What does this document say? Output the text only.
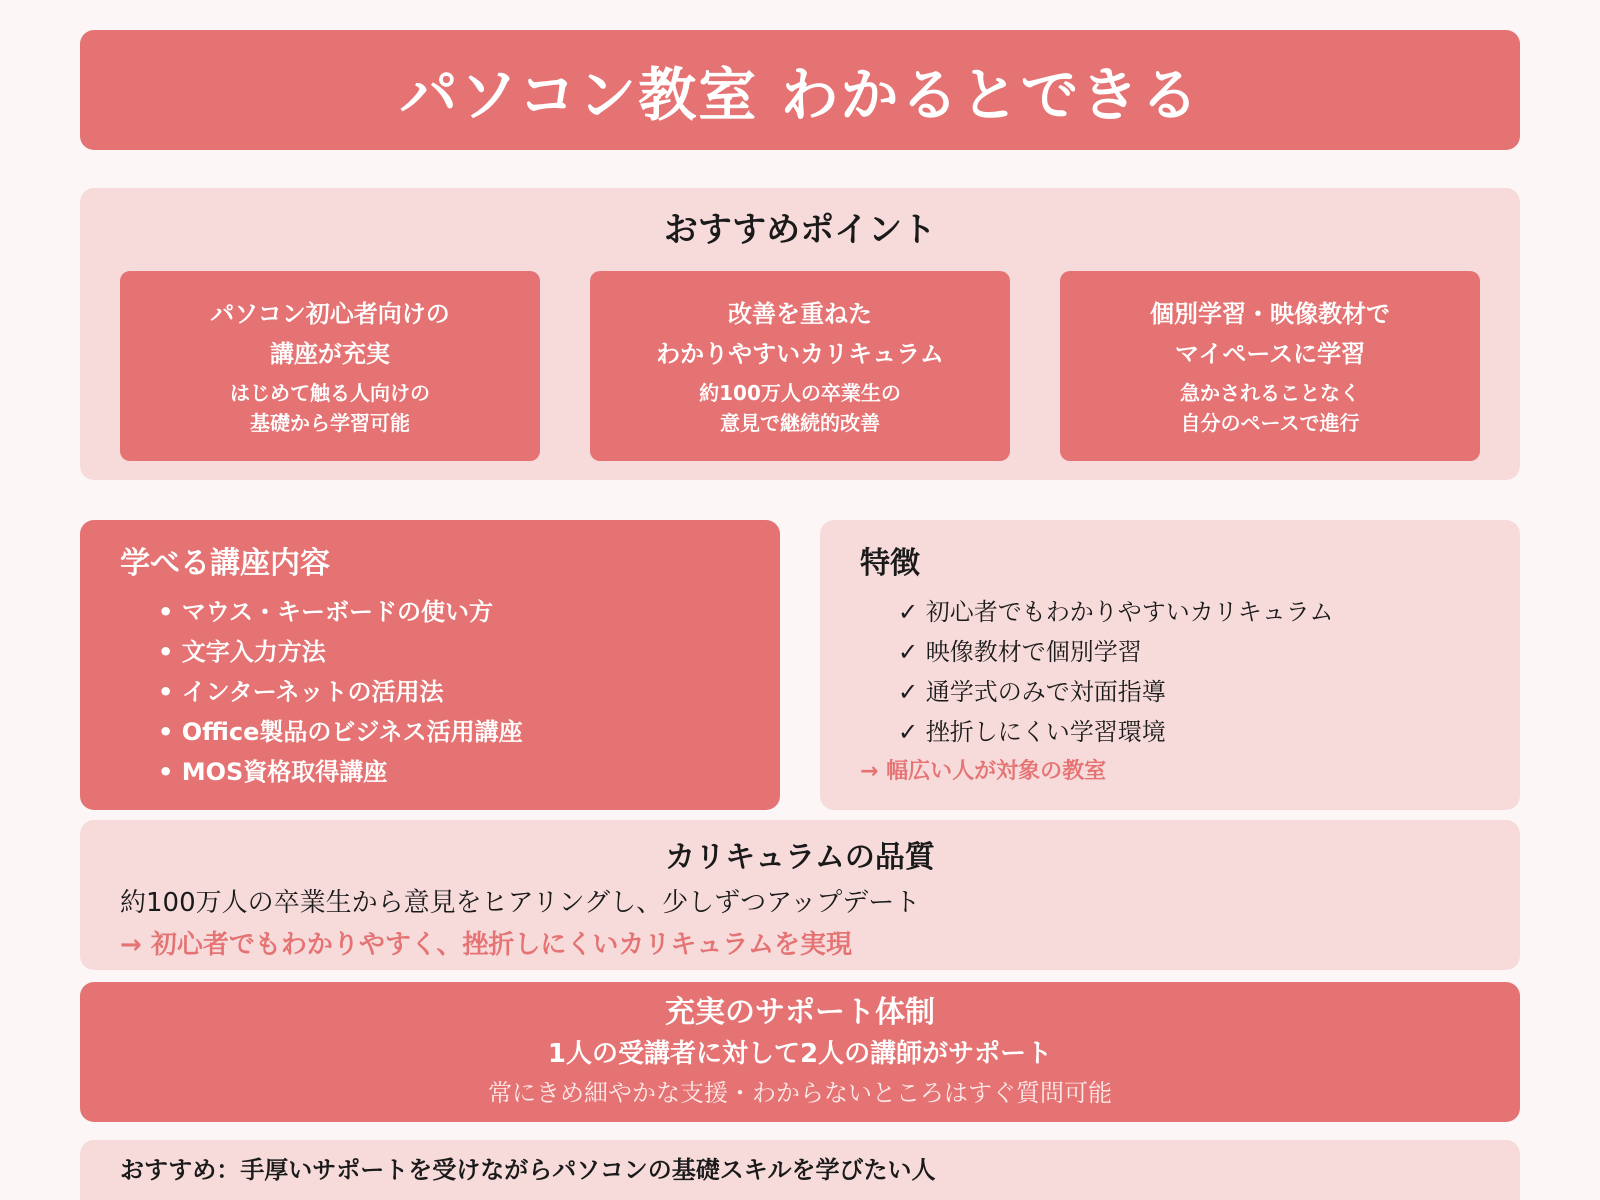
パソコン教室 わかるとできる
おすすめポイント
パソコン初心者向けの
講座が充実
はじめて触る人向けの
基礎から学習可能
改善を重ねた
わかりやすいカリキュラム
約100万人の卒業生の
意見で継続的改善
個別学習・映像教材で
マイペースに学習
急かされることなく
自分のペースで進行
学べる講座内容
• マウス・キーボードの使い方
• 文字入力方法
• インターネットの活用法
• Office製品のビジネス活用講座
• MOS資格取得講座
特徴
✓ 初心者でもわかりやすいカリキュラム
✓ 映像教材で個別学習
✓ 通学式のみで対面指導
✓ 挫折しにくい学習環境
→ 幅広い人が対象の教室
カリキュラムの品質
約100万人の卒業生から意見をヒアリングし、少しずつアップデート
→ 初心者でもわかりやすく、挫折しにくいカリキュラムを実現
充実のサポート体制
1人の受講者に対して2人の講師がサポート
常にきめ細やかな支援・わからないところはすぐ質問可能
おすすめ：手厚いサポートを受けながらパソコンの基礎スキルを学びたい人
